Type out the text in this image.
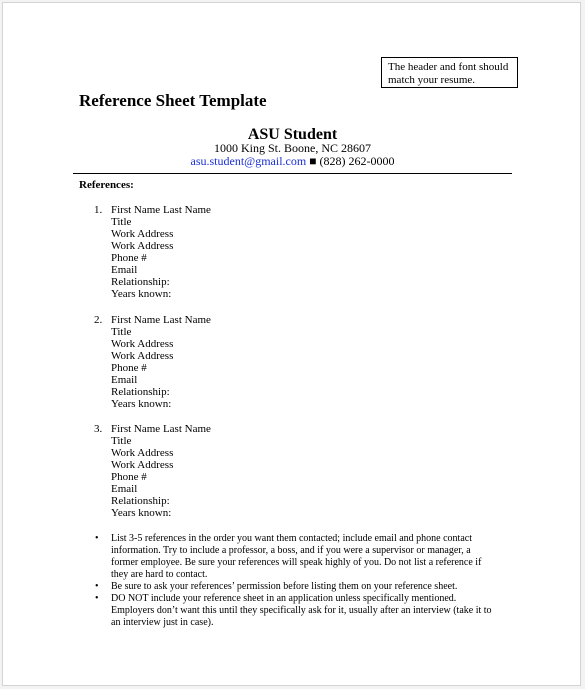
The header and font should match your resume.
Reference Sheet Template
ASU Student
1000 King St. Boone, NC 28607
asu.student@gmail.com ■ (828) 262-0000
References:
1. First Name Last Name
Title
Work Address
Work Address
Phone #
Email
Relationship:
Years known:
2. First Name Last Name
Title
Work Address
Work Address
Phone #
Email
Relationship:
Years known:
3. First Name Last Name
Title
Work Address
Work Address
Phone #
Email
Relationship:
Years known:
• List 3-5 references in the order you want them contacted; include email and phone contact information. Try to include a professor, a boss, and if you were a supervisor or manager, a former employee. Be sure your references will speak highly of you. Do not list a reference if they are hard to contact.
• Be sure to ask your references’ permission before listing them on your reference sheet.
• DO NOT include your reference sheet in an application unless specifically mentioned. Employers don’t want this until they specifically ask for it, usually after an interview (take it to an interview just in case).
